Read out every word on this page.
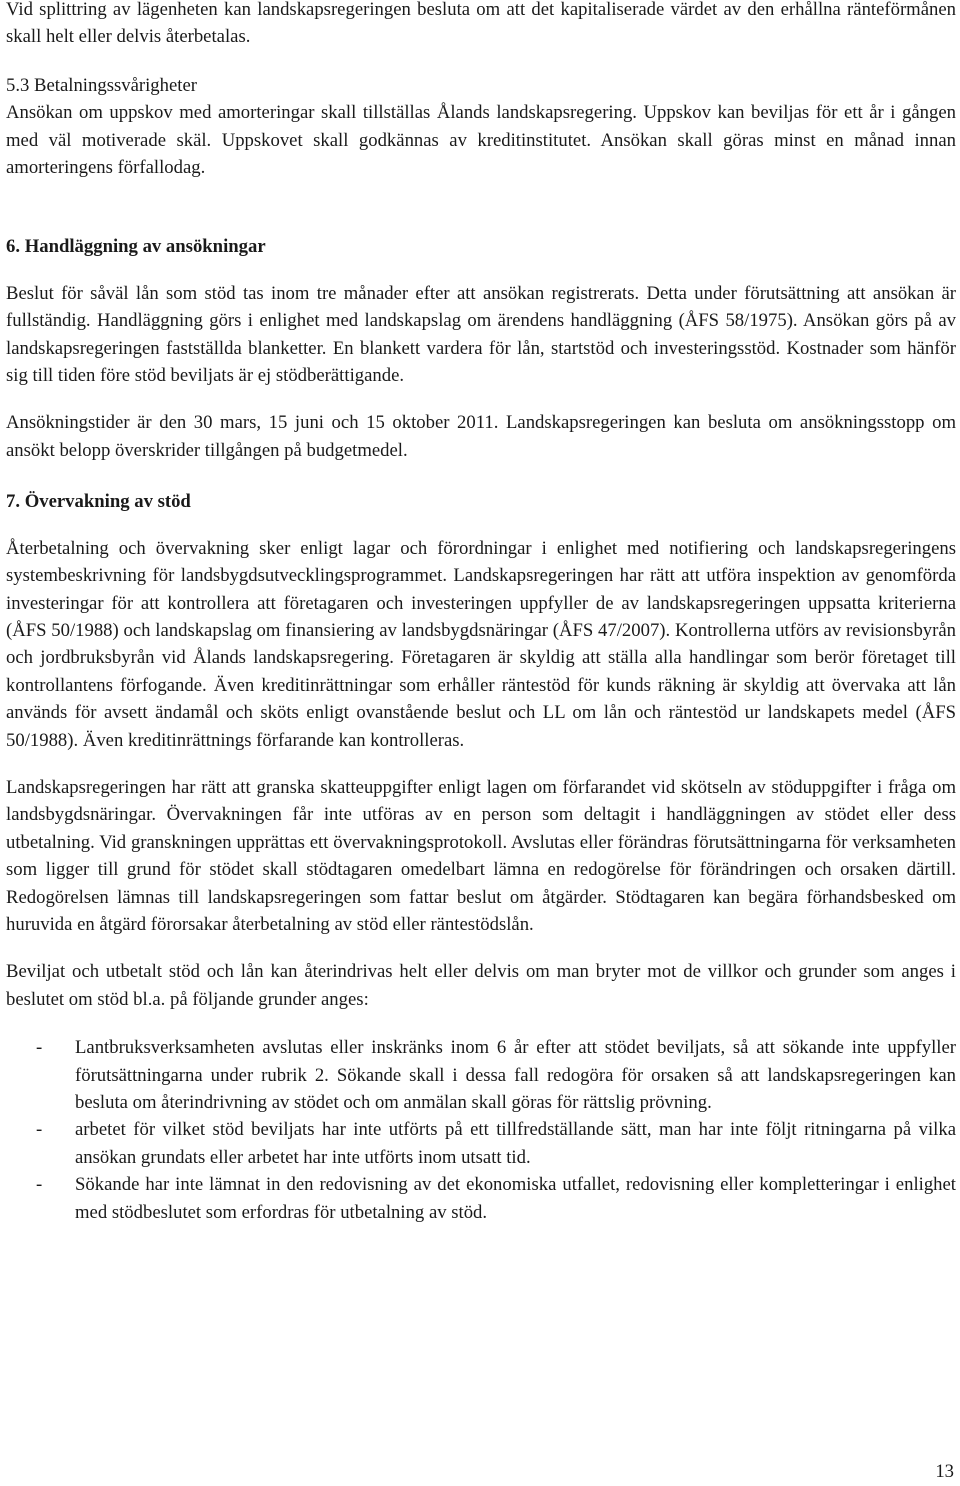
Vid splittring av lägenheten kan landskapsregeringen besluta om att det kapitaliserade värdet av den erhållna ränteförmånen skall helt eller delvis återbetalas.

5.3 Betalningssvårigheter

Ansökan om uppskov med amorteringar skall tillställas Ålands landskapsregering. Uppskov kan beviljas för ett år i gången med väl motiverade skäl. Uppskovet skall godkännas av kreditinstitutet. Ansökan skall göras minst en månad innan amorteringens förfallodag.

6. Handläggning av ansökningar

Beslut för såväl lån som stöd tas inom tre månader efter att ansökan registrerats. Detta under förutsättning att ansökan är fullständig. Handläggning görs i enlighet med landskapslag om ärendens handläggning (ÅFS 58/1975). Ansökan görs på av landskapsregeringen fastställda blanketter. En blankett vardera för lån, startstöd och investeringsstöd. Kostnader som hänför sig till tiden före stöd beviljats är ej stödberättigande.

Ansökningstider är den 30 mars, 15 juni och 15 oktober 2011. Landskapsregeringen kan besluta om ansökningsstopp om ansökt belopp överskrider tillgången på budgetmedel.

7. Övervakning av stöd

Återbetalning och övervakning sker enligt lagar och förordningar i enlighet med notifiering och landskapsregeringens systembeskrivning för landsbygdsutvecklingsprogrammet. Landskapsregeringen har rätt att utföra inspektion av genomförda investeringar för att kontrollera att företagaren och investeringen uppfyller de av landskapsregeringen uppsatta kriterierna (ÅFS 50/1988) och landskapslag om finansiering av landsbygdsnäringar (ÅFS 47/2007). Kontrollerna utförs av revisionsbyrån och jordbruksbyrån vid Ålands landskapsregering. Företagaren är skyldig att ställa alla handlingar som berör företaget till kontrollantens förfogande. Även kreditinrättningar som erhåller räntestöd för kunds räkning är skyldig att övervaka att lån används för avsett ändamål och sköts enligt ovanstående beslut och LL om lån och räntestöd ur landskapets medel (ÅFS 50/1988). Även kreditinrättnings förfarande kan kontrolleras.

Landskapsregeringen har rätt att granska skatteuppgifter enligt lagen om förfarandet vid skötseln av stöduppgifter i fråga om landsbygdsnäringar. Övervakningen får inte utföras av en person som deltagit i handläggningen av stödet eller dess utbetalning. Vid granskningen upprättas ett övervakningsprotokoll. Avslutas eller förändras förutsättningarna för verksamheten som ligger till grund för stödet skall stödtagaren omedelbart lämna en redogörelse för förändringen och orsaken därtill. Redogörelsen lämnas till landskapsregeringen som fattar beslut om åtgärder. Stödtagaren kan begära förhandsbesked om huruvida en åtgärd förorsakar återbetalning av stöd eller räntestödslån.

Beviljat och utbetalt stöd och lån kan återindrivas helt eller delvis om man bryter mot de villkor och grunder som anges i beslutet om stöd bl.a. på följande grunder anges:

- Lantbruksverksamheten avslutas eller inskränks inom 6 år efter att stödet beviljats, så att sökande inte uppfyller förutsättningarna under rubrik 2. Sökande skall i dessa fall redogöra för orsaken så att landskapsregeringen kan besluta om återindrivning av stödet och om anmälan skall göras för rättslig prövning.
- arbetet för vilket stöd beviljats har inte utförts på ett tillfredställande sätt, man har inte följt ritningarna på vilka ansökan grundats eller arbetet har inte utförts inom utsatt tid.
- Sökande har inte lämnat in den redovisning av det ekonomiska utfallet, redovisning eller kompletteringar i enlighet med stödbeslutet som erfordras för utbetalning av stöd.
13
